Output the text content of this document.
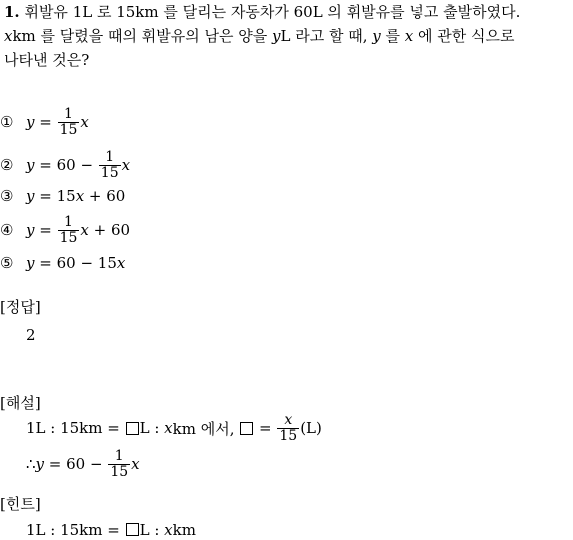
1. 휘발유 1L 로 15km 를 달리는 자동차가 60L 의 휘발유를 넣고 출발하였다.
xkm 를 달렸을 때의 휘발유의 남은 양을 yL 라고 할 때, y 를 x 에 관한 식으로
나타낸 것은?
① $y = \frac{1}{15}$ x
② $y = 60 - \frac{1}{15}$ x
③ y = 15 x + 60
④ $y = \frac{1}{15}$ x + 60
⑤ y = 60 − 15 x
[정답]
2
[해설]
1L : 15km = L : x km 에서, = $\frac{x}{15} (L)$
∴ $y = 60 - \frac{1}{15}$ x
[힌트]
1L : 15km = L : xkm
